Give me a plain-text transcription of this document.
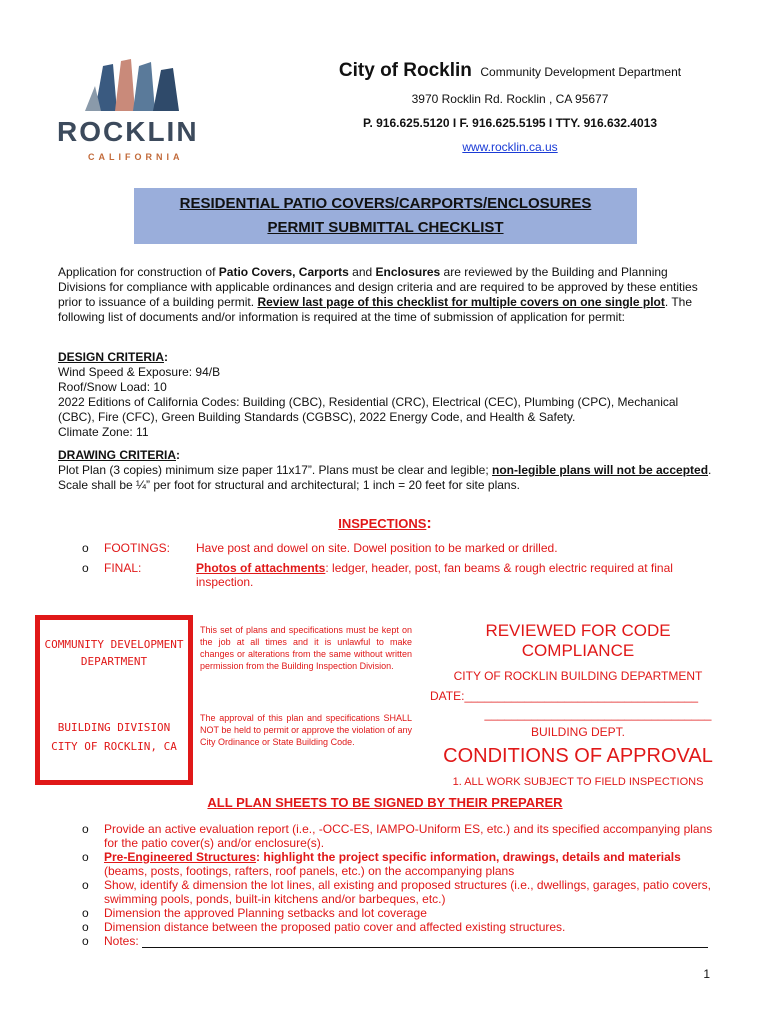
ROCKLIN
CALIFORNIA
City of Rocklin Community Development Department
3970 Rocklin Rd. Rocklin , CA 95677
P. 916.625.5120 I F. 916.625.5195 I TTY. 916.632.4013
www.rocklin.ca.us
RESIDENTIAL PATIO COVERS/CARPORTS/ENCLOSURES
PERMIT SUBMITTAL CHECKLIST
Application for construction of Patio Covers, Carports and Enclosures are reviewed by the Building and Planning Divisions for compliance with applicable ordinances and design criteria and are required to be approved by these entities prior to issuance of a building permit. Review last page of this checklist for multiple covers on one single plot. The following list of documents and/or information is required at the time of submission of application for permit:
DESIGN CRITERIA:
Wind Speed & Exposure: 94/B
Roof/Snow Load: 10
2022 Editions of California Codes: Building (CBC), Residential (CRC), Electrical (CEC), Plumbing (CPC), Mechanical (CBC), Fire (CFC), Green Building Standards (CGBSC), 2022 Energy Code, and Health & Safety.
Climate Zone: 11
DRAWING CRITERIA:
Plot Plan (3 copies) minimum size paper 11x17”. Plans must be clear and legible; non-legible plans will not be accepted. Scale shall be ¼” per foot for structural and architectural; 1 inch = 20 feet for site plans.
INSPECTIONS:
o FOOTINGS: Have post and dowel on site. Dowel position to be marked or drilled.
o FINAL:	Photos of attachments: ledger, header, post, fan beams & rough electric required at final inspection.
COMMUNITY DEVELOPMENT
DEPARTMENT
BUILDING DIVISION
CITY OF ROCKLIN, CA
This set of plans and specifications must be kept on the job at all times and it is unlawful to make changes or alterations from the same without written permission from the Building Inspection Division.
The approval of this plan and specifications SHALL NOT be held to permit or approve the violation of any City Ordinance or State Building Code.
REVIEWED FOR CODE COMPLIANCE
CITY OF ROCKLIN BUILDING DEPARTMENT
DATE:___________________________________
__________________________________
BUILDING DEPT.
CONDITIONS OF APPROVAL
1. ALL WORK SUBJECT TO FIELD INSPECTIONS
ALL PLAN SHEETS TO BE SIGNED BY THEIR PREPARER
o Provide an active evaluation report (i.e., -OCC-ES, IAMPO-Uniform ES, etc.) and its specified accompanying plans for the patio cover(s) and/or enclosure(s).
o Pre-Engineered Structures: highlight the project specific information, drawings, details and materials (beams, posts, footings, rafters, roof panels, etc.) on the accompanying plans
o Show, identify & dimension the lot lines, all existing and proposed structures (i.e., dwellings, garages, patio covers, swimming pools, ponds, built-in kitchens and/or barbeques, etc.)
o Dimension the approved Planning setbacks and lot coverage
o Dimension distance between the proposed patio cover and affected existing structures.
o Notes:
1
